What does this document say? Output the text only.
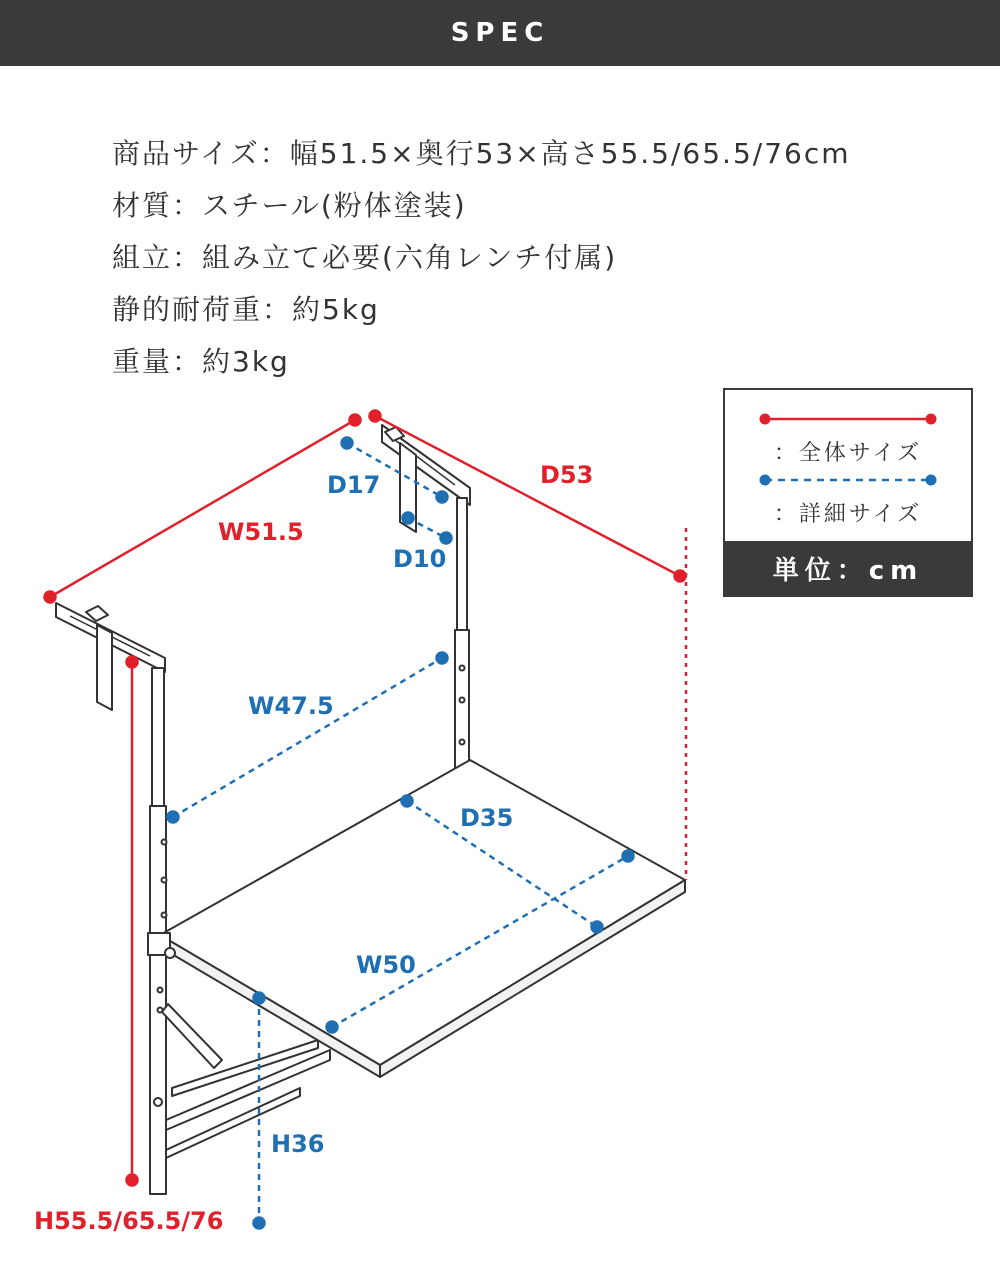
SPEC
商品サイズ：幅51.5×奥行53×高さ55.5/65.5/76cm
材質：スチール(粉体塗装)
組立：組み立て必要(六角レンチ付属)
静的耐荷重：約5kg
重量：約3kg
W51.5
D53
H55.5/65.5/76
D17
D10
W47.5
D35
W50
H36
：全体サイズ
：詳細サイズ
単位：cm
